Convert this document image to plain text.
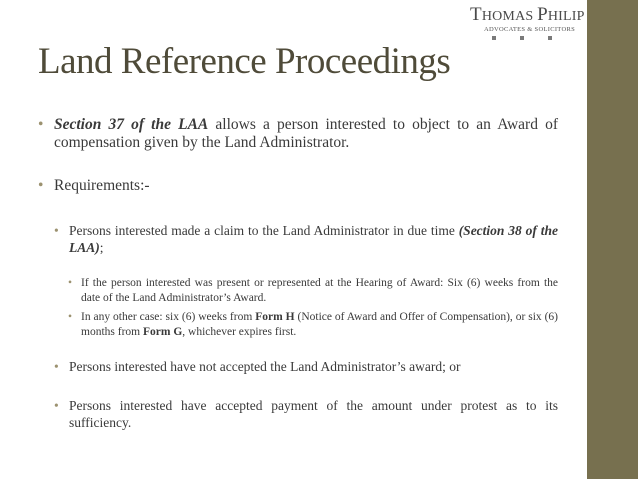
THOMAS PHILIP
ADVOCATES & SOLICITORS
Land Reference Proceedings
• Section 37 of the LAA allows a person interested to object to an Award of compensation given by the Land Administrator.
• Requirements:-
• Persons interested made a claim to the Land Administrator in due time (Section 38 of the LAA);
• If the person interested was present or represented at the Hearing of Award: Six (6) weeks from the date of the Land Administrator’s Award.
• In any other case: six (6) weeks from Form H (Notice of Award and Offer of Compensation), or six (6) months from Form G, whichever expires first.
• Persons interested have not accepted the Land Administrator’s award; or
• Persons interested have accepted payment of the amount under protest as to its sufficiency.
